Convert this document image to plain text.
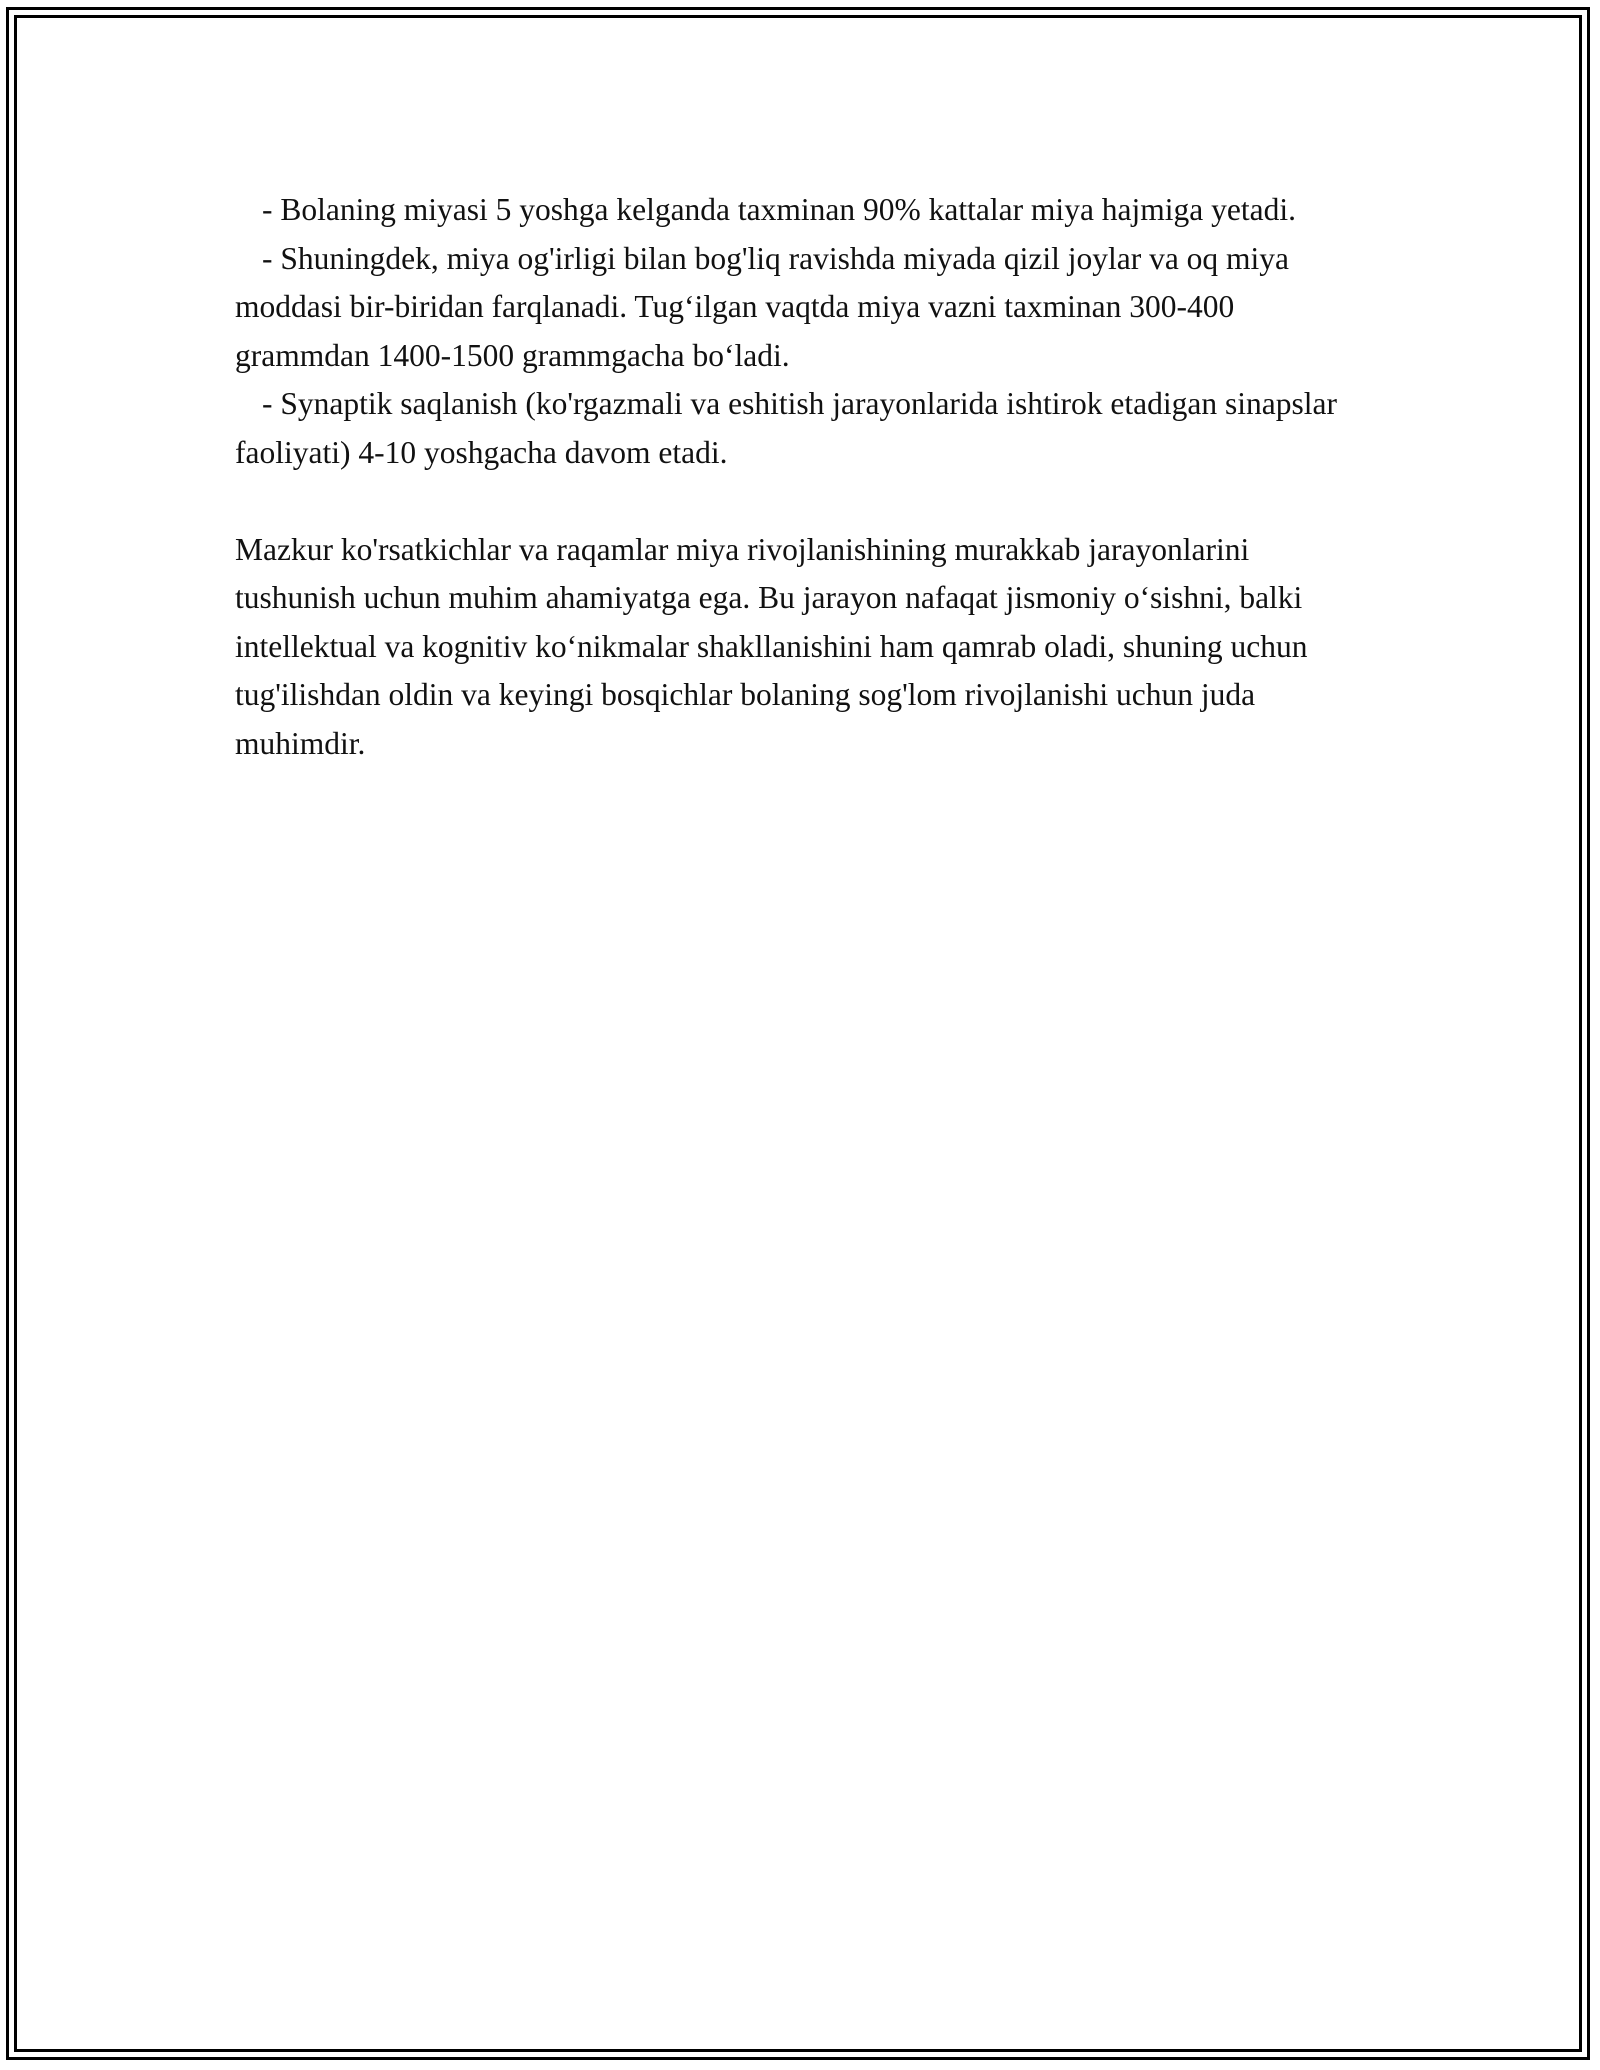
- Bolaning miyasi 5 yoshga kelganda taxminan 90% kattalar miya hajmiga yetadi.

- Shuningdek, miya og'irligi bilan bog'liq ravishda miyada qizil joylar va oq miya moddasi bir-biridan farqlanadi. Tug‘ilgan vaqtda miya vazni taxminan 300-400 grammdan 1400-1500 grammgacha bo‘ladi.

- Synaptik saqlanish (ko'rgazmali va eshitish jarayonlarida ishtirok etadigan sinapslar faoliyati) 4-10 yoshgacha davom etadi.

Mazkur ko'rsatkichlar va raqamlar miya rivojlanishining murakkab jarayonlarini tushunish uchun muhim ahamiyatga ega. Bu jarayon nafaqat jismoniy o‘sishni, balki intellektual va kognitiv ko‘nikmalar shakllanishini ham qamrab oladi, shuning uchun tug'ilishdan oldin va keyingi bosqichlar bolaning sog'lom rivojlanishi uchun juda muhimdir.
